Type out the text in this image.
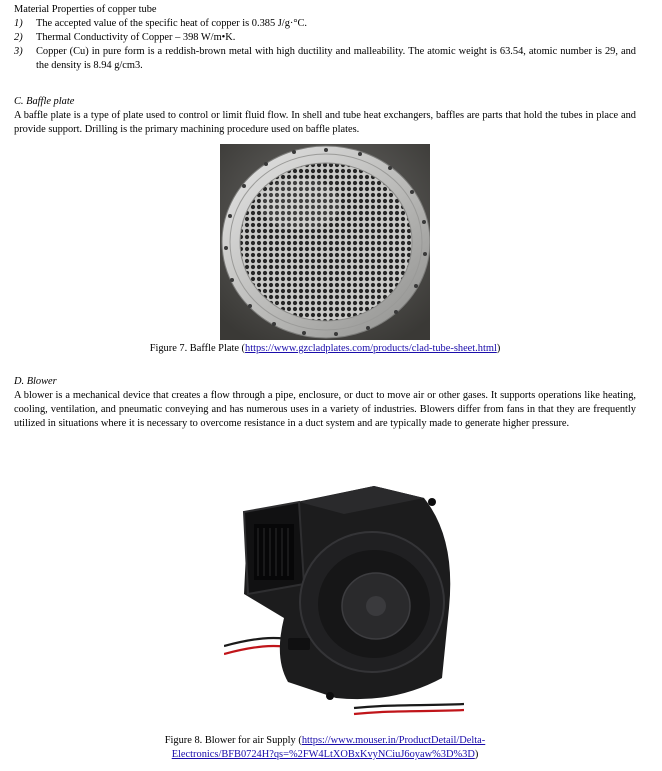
Material Properties of copper tube
1) The accepted value of the specific heat of copper is 0.385 J/g·°C.
2) Thermal Conductivity of Copper – 398 W/m•K.
3) Copper (Cu) in pure form is a reddish-brown metal with high ductility and malleability. The atomic weight is 63.54, atomic number is 29, and the density is 8.94 g/cm3.
C. Baffle plate
A baffle plate is a type of plate used to control or limit fluid flow. In shell and tube heat exchangers, baffles are parts that hold the tubes in place and provide support. Drilling is the primary machining procedure used on baffle plates.
Figure 7. Baffle Plate (https://www.gzcladplates.com/products/clad-tube-sheet.html)
D. Blower
A blower is a mechanical device that creates a flow through a pipe, enclosure, or duct to move air or other gases. It supports operations like heating, cooling, ventilation, and pneumatic conveying and has numerous uses in a variety of industries. Blowers differ from fans in that they are frequently utilized in situations where it is necessary to overcome resistance in a duct system and are typically made to generate higher pressure.
Figure 8. Blower for air Supply (https://www.mouser.in/ProductDetail/Delta-
Electronics/BFB0724H?qs=%2FW4LtXOBxKvyNCiuJ6oyaw%3D%3D)
